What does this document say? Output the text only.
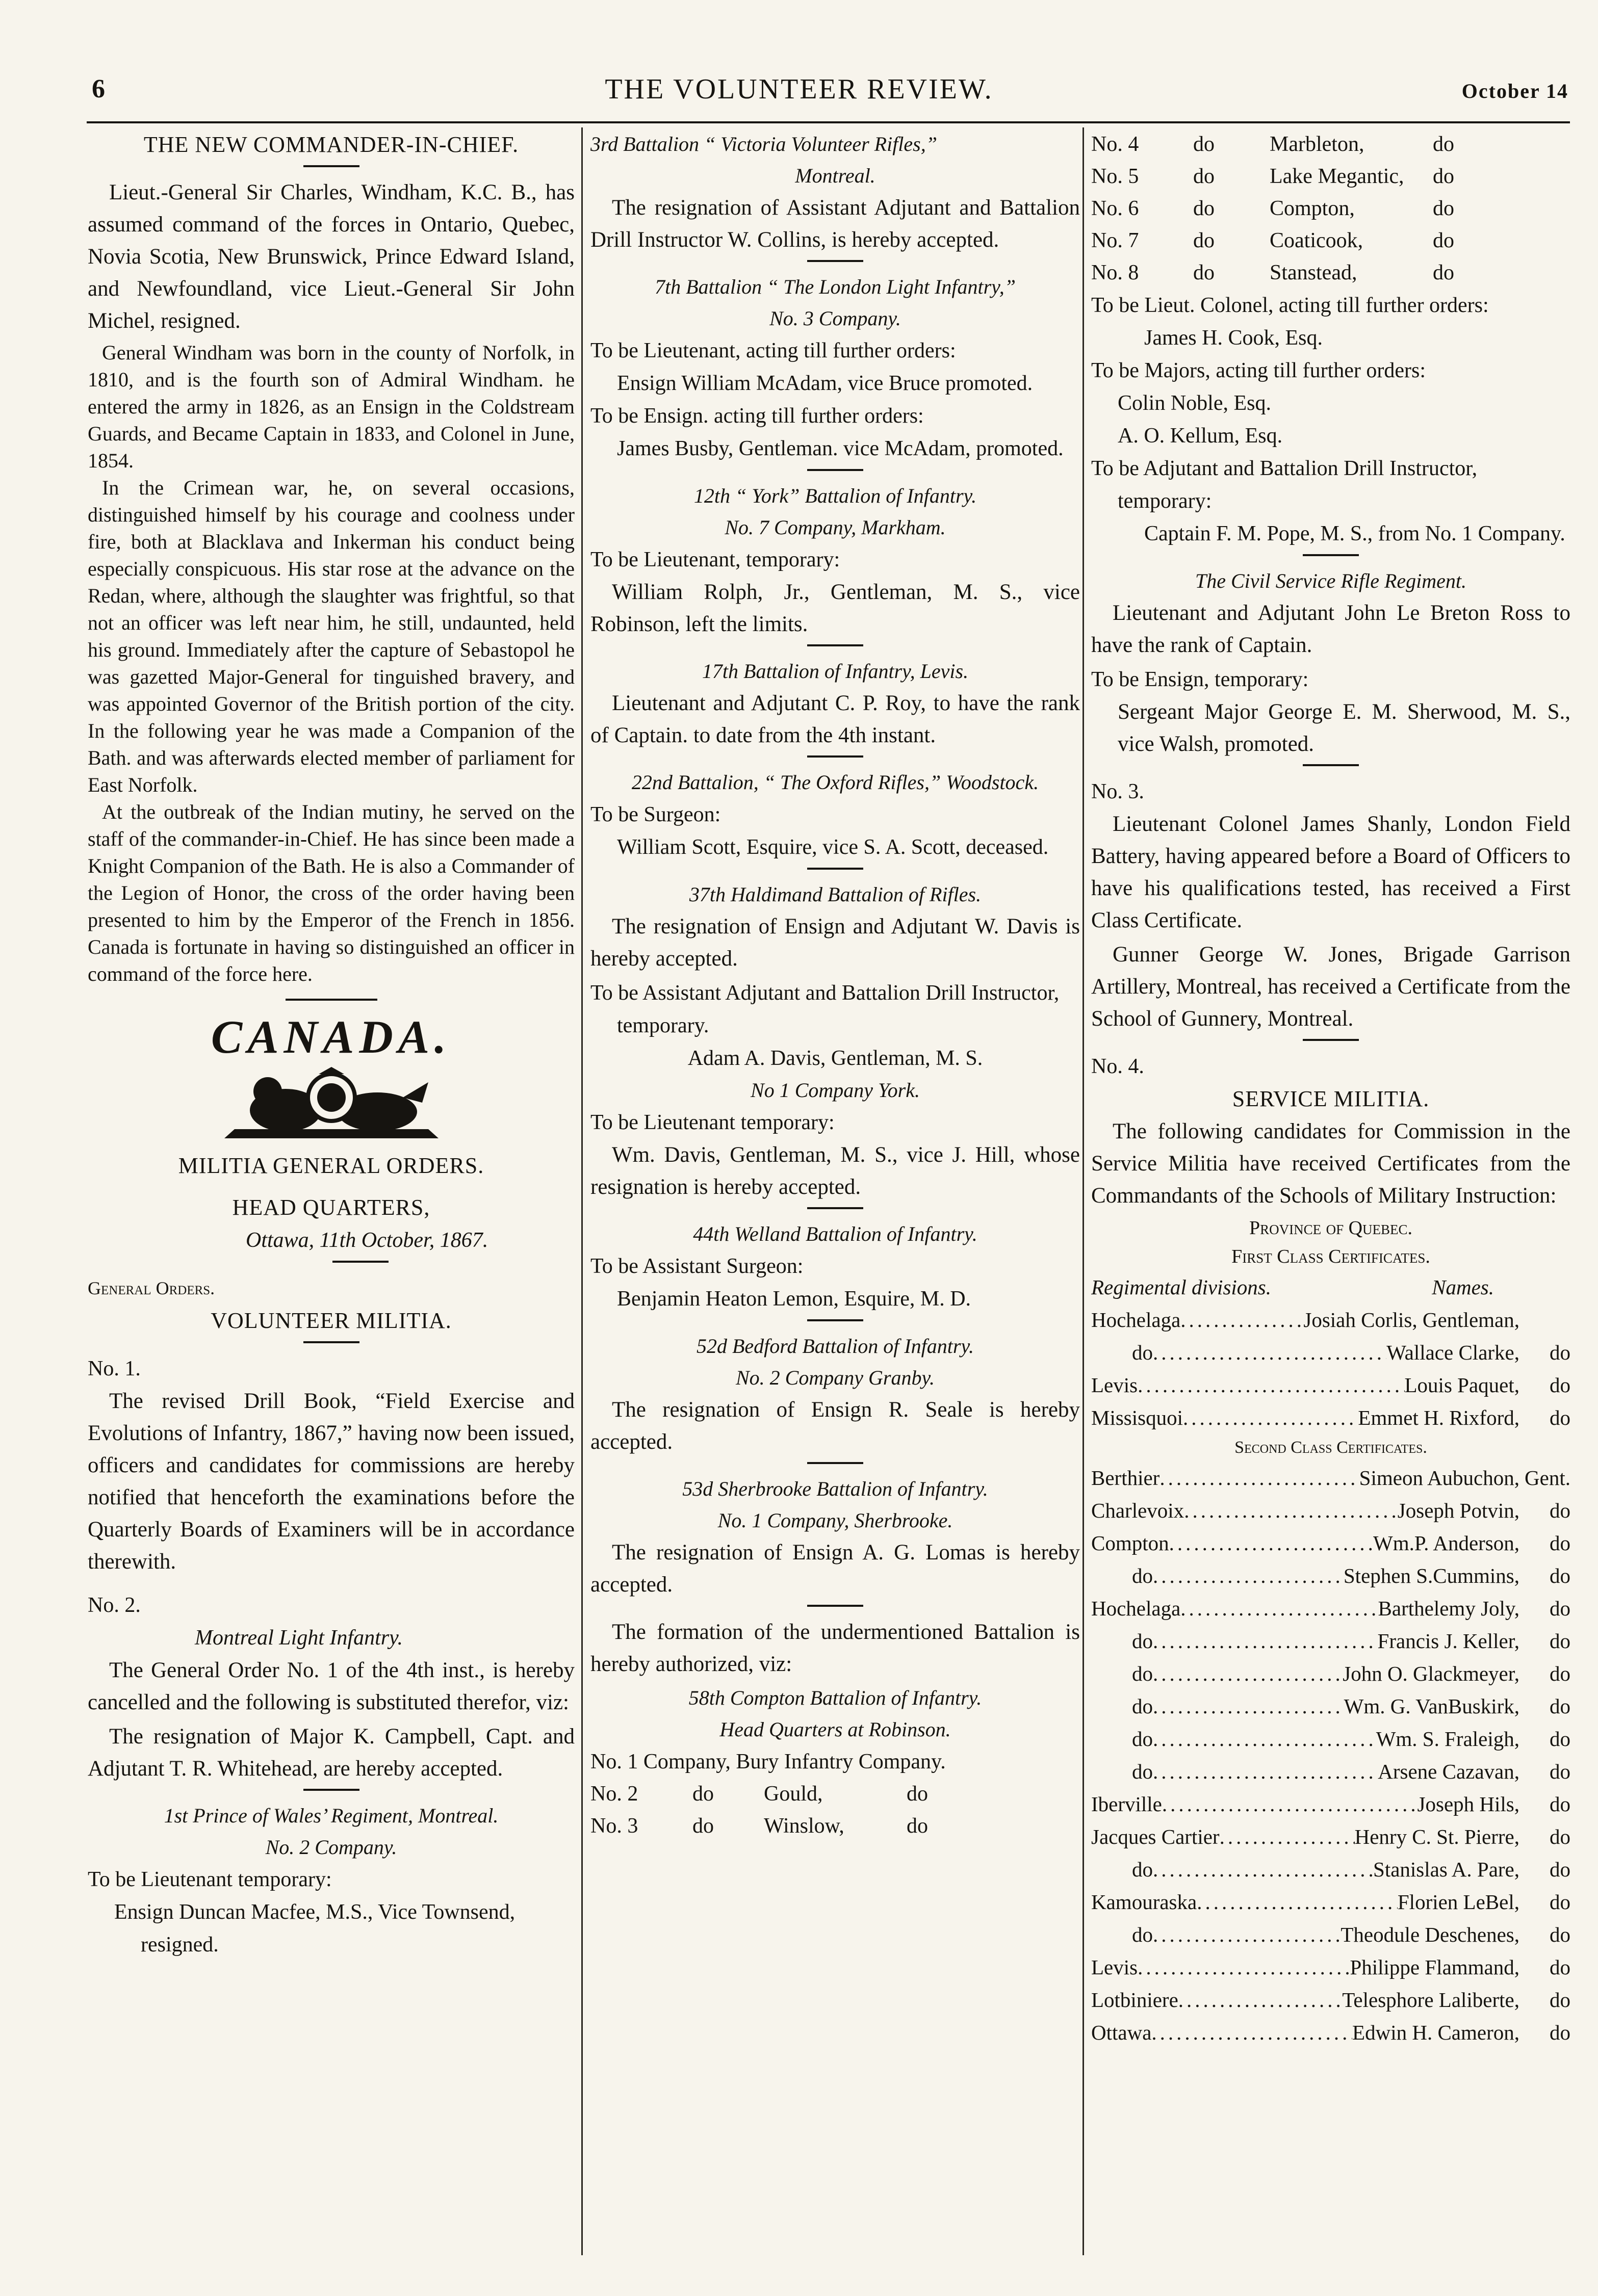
6	THE VOLUNTEER REVIEW.	October 14
THE NEW COMMANDER-IN-CHIEF.

Lieut.-General Sir Charles, Windham, K.C. B., has assumed command of the forces in Ontario, Quebec, Novia Scotia, New Brunswick, Prince Edward Island, and Newfoundland, vice Lieut.-General Sir John Michel, resigned.

General Windham was born in the county of Norfolk, in 1810, and is the fourth son of Admiral Windham. he entered the army in 1826, as an Ensign in the Coldstream Guards, and Became Captain in 1833, and Colonel in June, 1854.

In the Crimean war, he, on several occasions, distinguished himself by his courage and coolness under fire, both at Blacklava and Inkerman his conduct being especially conspicuous. His star rose at the advance on the Redan, where, although the slaughter was frightful, so that not an officer was left near him, he still, undaunted, held his ground. Immediately after the capture of Sebastopol he was gazetted Major-General for tinguished bravery, and was appointed Governor of the British portion of the city. In the following year he was made a Companion of the Bath. and was afterwards elected member of parliament for East Norfolk.

At the outbreak of the Indian mutiny, he served on the staff of the commander-in-Chief. He has since been made a Knight Companion of the Bath. He is also a Commander of the Legion of Honor, the cross of the order having been presented to him by the Emperor of the French in 1856. Canada is fortunate in having so distinguished an officer in command of the force here.

CANADA.
MILITIA GENERAL ORDERS.
HEAD QUARTERS,
Ottawa, 11th October, 1867.
General Orders.
VOLUNTEER MILITIA.
No. 1.

The revised Drill Book, “Field Exercise and Evolutions of Infantry, 1867,” having now been issued, officers and candidates for commissions are hereby notified that henceforth the examinations before the Quarterly Boards of Examiners will be in accordance therewith.

No. 2.
Montreal Light Infantry.

The General Order No. 1 of the 4th inst., is hereby cancelled and the following is substituted therefor, viz:

The resignation of Major K. Campbell, Capt. and Adjutant T. R. Whitehead, are hereby accepted.

1st Prince of Wales’ Regiment, Montreal.
No. 2 Company.
To be Lieutenant temporary:
Ensign Duncan Macfee, M.S., Vice Townsend, resigned.
3rd Battalion “ Victoria Volunteer Rifles,”
Montreal.

The resignation of Assistant Adjutant and Battalion Drill Instructor W. Collins, is hereby accepted.

7th Battalion “ The London Light Infantry,”
No. 3 Company.
To be Lieutenant, acting till further orders:
Ensign William McAdam, vice Bruce promoted.
To be Ensign. acting till further orders:
James Busby, Gentleman. vice McAdam, promoted.
12th “ York” Battalion of Infantry.
No. 7 Company, Markham.
To be Lieutenant, temporary:

William Rolph, Jr., Gentleman, M. S., vice Robinson, left the limits.

17th Battalion of Infantry, Levis.

Lieutenant and Adjutant C. P. Roy, to have the rank of Captain. to date from the 4th instant.

22nd Battalion, “ The Oxford Rifles,” Woodstock.
To be Surgeon:
William Scott, Esquire, vice S. A. Scott, deceased.
37th Haldimand Battalion of Rifles.

The resignation of Ensign and Adjutant W. Davis is hereby accepted.

To be Assistant Adjutant and Battalion Drill Instructor, temporary.
Adam A. Davis, Gentleman, M. S.
No 1 Company York.
To be Lieutenant temporary:

Wm. Davis, Gentleman, M. S., vice J. Hill, whose resignation is hereby accepted.

44th Welland Battalion of Infantry.
To be Assistant Surgeon:
Benjamin Heaton Lemon, Esquire, M. D.
52d Bedford Battalion of Infantry.
No. 2 Company Granby.

The resignation of Ensign R. Seale is hereby accepted.

53d Sherbrooke Battalion of Infantry.
No. 1 Company, Sherbrooke.

The resignation of Ensign A. G. Lomas is hereby accepted.

The formation of the undermentioned Battalion is hereby authorized, viz:

58th Compton Battalion of Infantry.
Head Quarters at Robinson.
No. 1 Company, Bury Infantry Company.
No. 2	do	Gould,	do
No. 3	do	Winslow,	do
No. 4	do	Marbleton,	do
No. 5	do	Lake Megantic,	do
No. 6	do	Compton,	do
No. 7	do	Coaticook,	do
No. 8	do	Stanstead,	do
To be Lieut. Colonel, acting till further orders:
James H. Cook, Esq.
To be Majors, acting till further orders:
Colin Noble, Esq.
A. O. Kellum, Esq.
To be Adjutant and Battalion Drill Instructor, temporary:
Captain F. M. Pope, M. S., from No. 1 Company.
The Civil Service Rifle Regiment.

Lieutenant and Adjutant John Le Breton Ross to have the rank of Captain.

To be Ensign, temporary:

Sergeant Major George E. M. Sherwood, M. S., vice Walsh, promoted.

No. 3.

Lieutenant Colonel James Shanly, London Field Battery, having appeared before a Board of Officers to have his qualifications tested, has received a First Class Certificate.

Gunner George W. Jones, Brigade Garrison Artillery, Montreal, has received a Certificate from the School of Gunnery, Montreal.

No. 4.
SERVICE MILITIA.

The following candidates for Commission in the Service Militia have received Certificates from the Commandants of the Schools of Military Instruction:

Province of Quebec.
First Class Certificates.
Regimental divisions.	Names.
Hochelaga .....	Josiah Corlis, Gentleman,
do .....	Wallace Clarke,	do
Levis .....	Louis Paquet,	do
Missisquoi .....	Emmet H. Rixford,	do
Second Class Certificates.
Berthier .....	Simeon Aubuchon, Gent.
Charlevoix .....	Joseph Potvin,	do
Compton .....	Wm.P. Anderson,	do
do .....	Stephen S.Cummins,	do
Hochelaga .....	Barthelemy Joly,	do
do .....	Francis J. Keller,	do
do .....	John O. Glackmeyer,	do
do .....	Wm. G. VanBuskirk,	do
do .....	Wm. S. Fraleigh,	do
do .....	Arsene Cazavan,	do
Iberville .....	Joseph Hils,	do
Jacques Cartier .....	Henry C. St. Pierre,	do
do .....	Stanislas A. Pare,	do
Kamouraska .....	Florien LeBel,	do
do .....	Theodule Deschenes,	do
Levis .....	Philippe Flammand,	do
Lotbiniere .....	Telesphore Laliberte,	do
Ottawa .....	Edwin H. Cameron,	do
